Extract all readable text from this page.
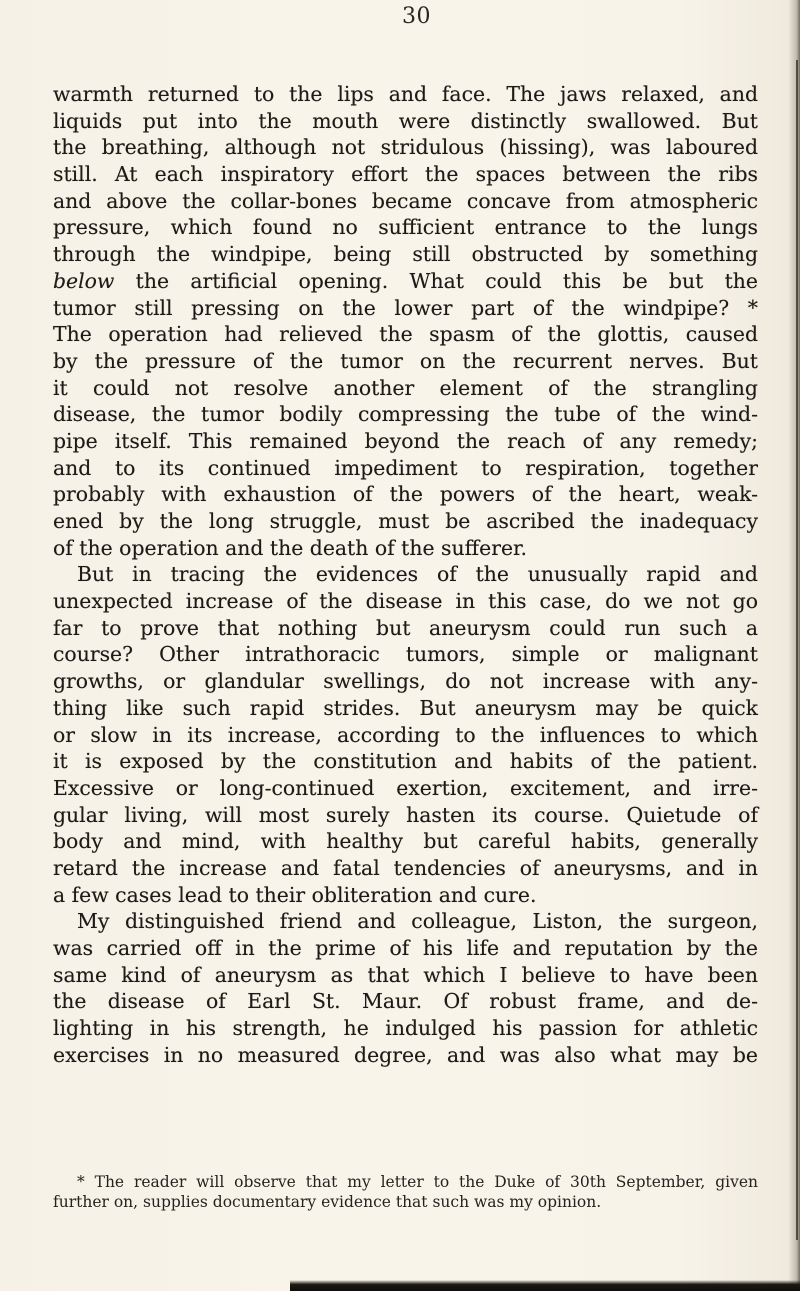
30
warmth returned to the lips and face. The jaws relaxed, and
liquids put into the mouth were distinctly swallowed. But
the breathing, although not stridulous (hissing), was laboured
still. At each inspiratory effort the spaces between the ribs
and above the collar-bones became concave from atmospheric
pressure, which found no sufficient entrance to the lungs
through the windpipe, being still obstructed by something
below the artificial opening. What could this be but the
tumor still pressing on the lower part of the windpipe? *
The operation had relieved the spasm of the glottis, caused
by the pressure of the tumor on the recurrent nerves. But
it could not resolve another element of the strangling
disease, the tumor bodily compressing the tube of the wind-
pipe itself. This remained beyond the reach of any remedy;
and to its continued impediment to respiration, together
probably with exhaustion of the powers of the heart, weak-
ened by the long struggle, must be ascribed the inadequacy
of the operation and the death of the sufferer.
But in tracing the evidences of the unusually rapid and
unexpected increase of the disease in this case, do we not go
far to prove that nothing but aneurysm could run such a
course? Other intrathoracic tumors, simple or malignant
growths, or glandular swellings, do not increase with any-
thing like such rapid strides. But aneurysm may be quick
or slow in its increase, according to the influences to which
it is exposed by the constitution and habits of the patient.
Excessive or long-continued exertion, excitement, and irre-
gular living, will most surely hasten its course. Quietude of
body and mind, with healthy but careful habits, generally
retard the increase and fatal tendencies of aneurysms, and in
a few cases lead to their obliteration and cure.
My distinguished friend and colleague, Liston, the surgeon,
was carried off in the prime of his life and reputation by the
same kind of aneurysm as that which I believe to have been
the disease of Earl St. Maur. Of robust frame, and de-
lighting in his strength, he indulged his passion for athletic
exercises in no measured degree, and was also what may be
* The reader will observe that my letter to the Duke of 30th September, given
further on, supplies documentary evidence that such was my opinion.
